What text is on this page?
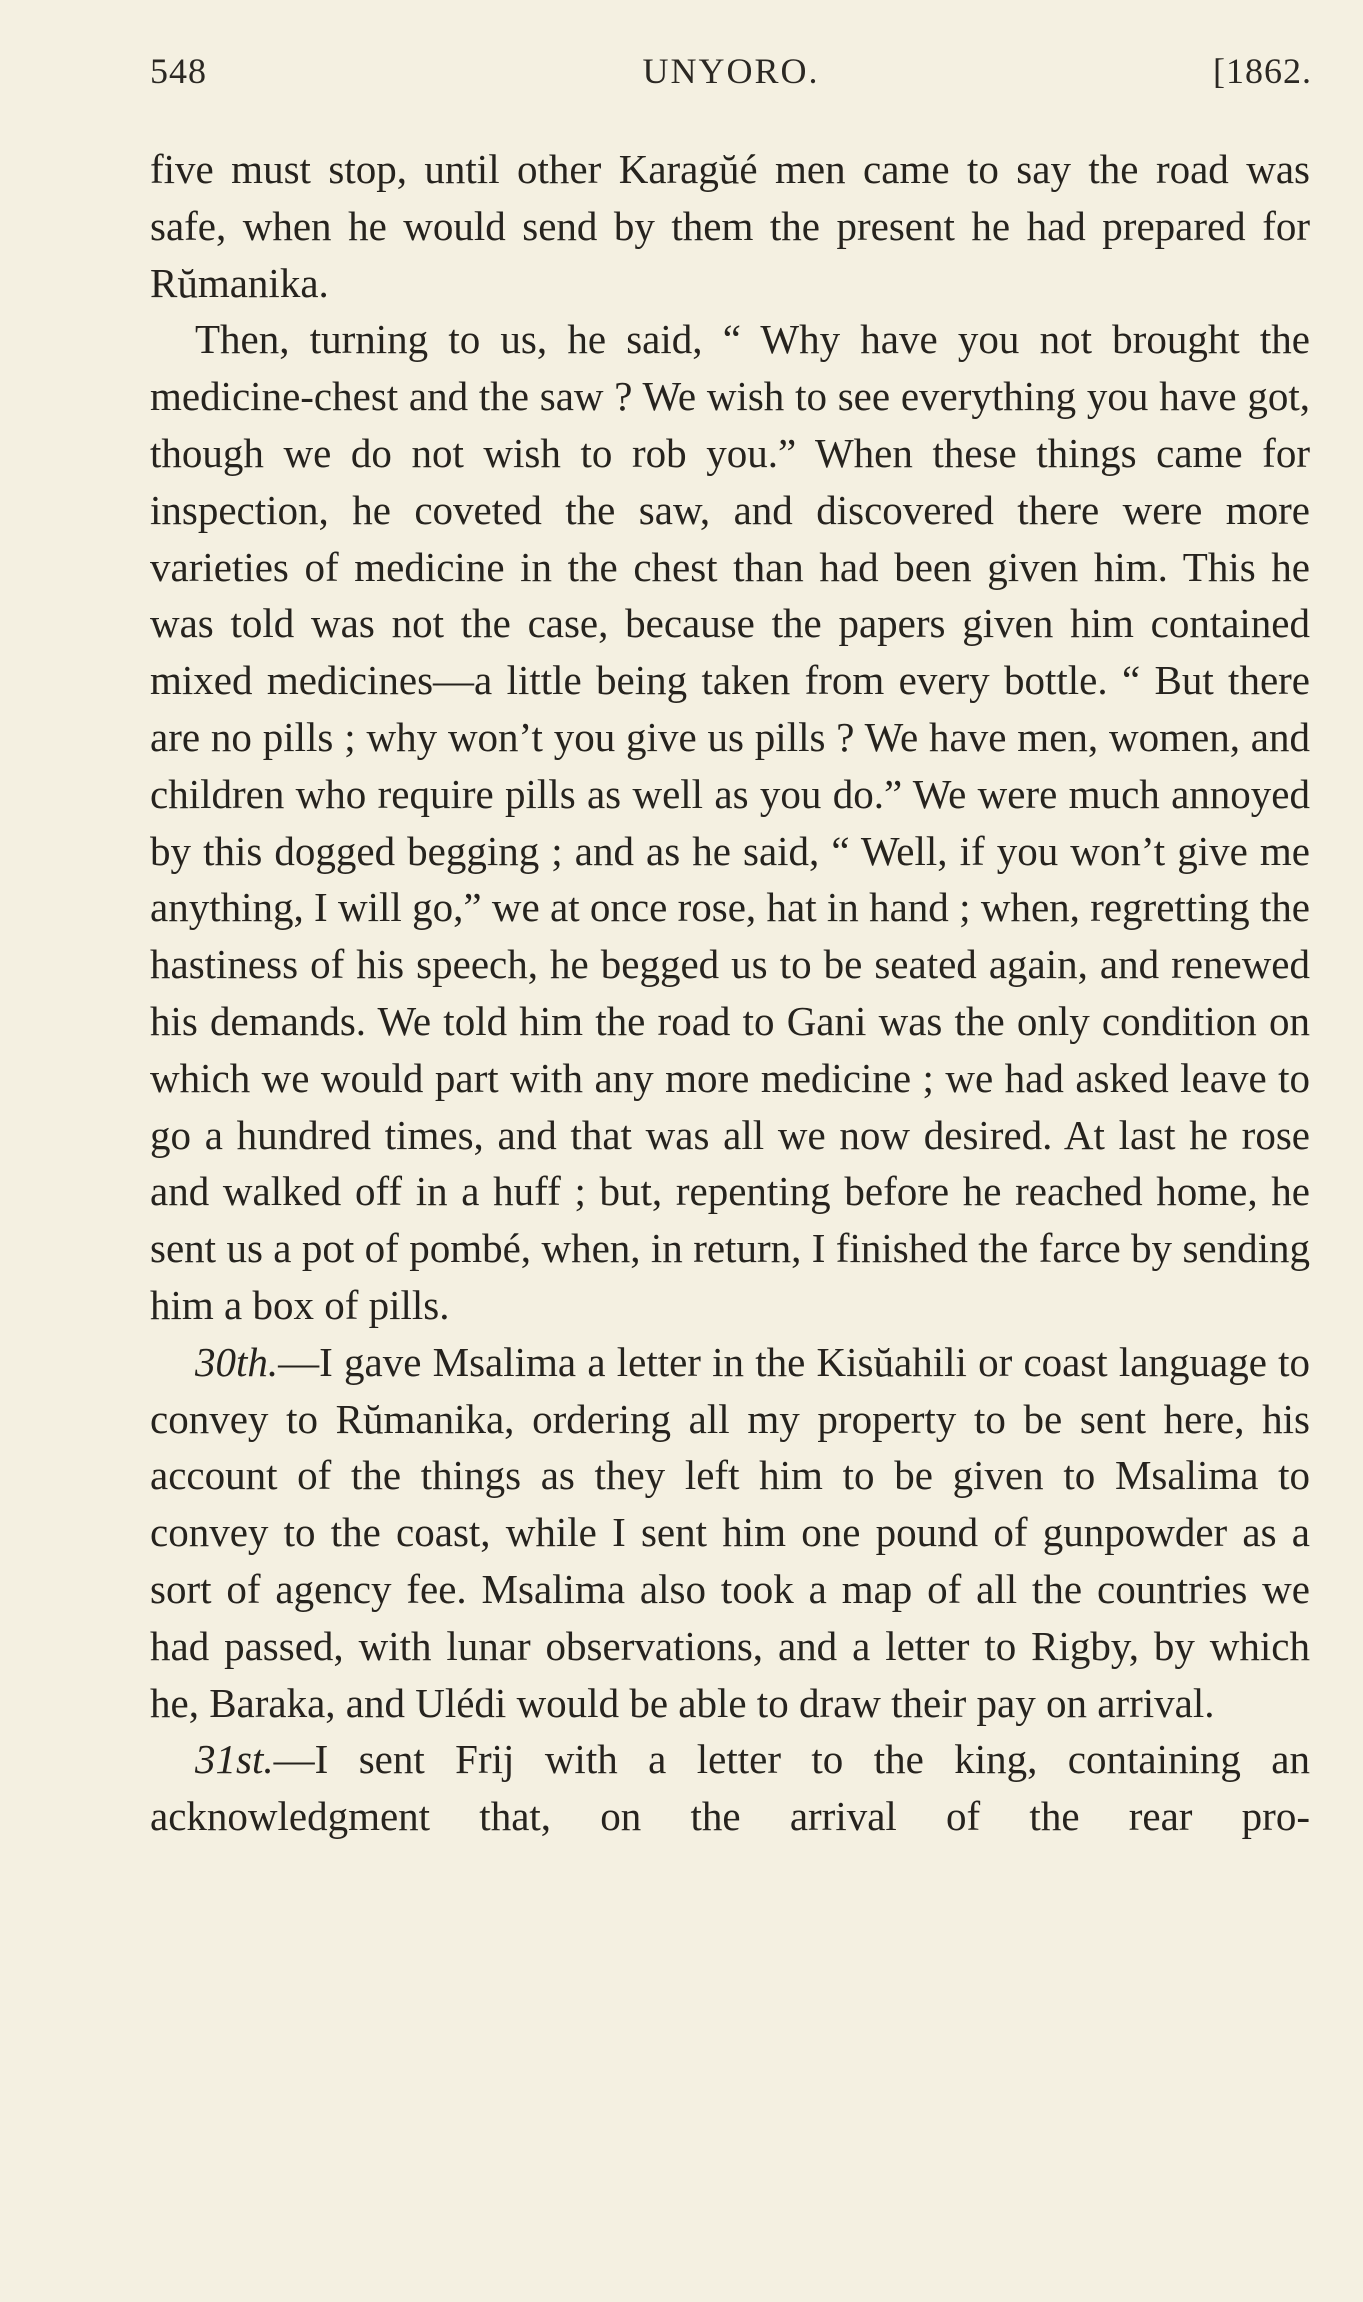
548	UNYORO.	[1862.

five must stop, until other Karagŭé men came to say the road was safe, when he would send by them the present he had prepared for Rŭmanika.

Then, turning to us, he said, “ Why have you not brought the medicine-chest and the saw ? We wish to see everything you have got, though we do not wish to rob you.” When these things came for inspection, he coveted the saw, and discovered there were more varieties of medicine in the chest than had been given him. This he was told was not the case, because the papers given him contained mixed medicines—a little being taken from every bottle. “ But there are no pills ; why won’t you give us pills ? We have men, women, and children who require pills as well as you do.” We were much annoyed by this dogged begging ; and as he said, “ Well, if you won’t give me anything, I will go,” we at once rose, hat in hand ; when, regretting the hastiness of his speech, he begged us to be seated again, and renewed his demands. We told him the road to Gani was the only condition on which we would part with any more medicine ; we had asked leave to go a hundred times, and that was all we now desired. At last he rose and walked off in a huff ; but, repenting before he reached home, he sent us a pot of pombé, when, in return, I finished the farce by sending him a box of pills.

30th.—I gave Msalima a letter in the Kisŭahili or coast language to convey to Rŭmanika, ordering all my property to be sent here, his account of the things as they left him to be given to Msalima to convey to the coast, while I sent him one pound of gunpowder as a sort of agency fee. Msalima also took a map of all the countries we had passed, with lunar observations, and a letter to Rigby, by which he, Baraka, and Ulédi would be able to draw their pay on arrival.

31st.—I sent Frij with a letter to the king, containing an acknowledgment that, on the arrival of the rear pro-
